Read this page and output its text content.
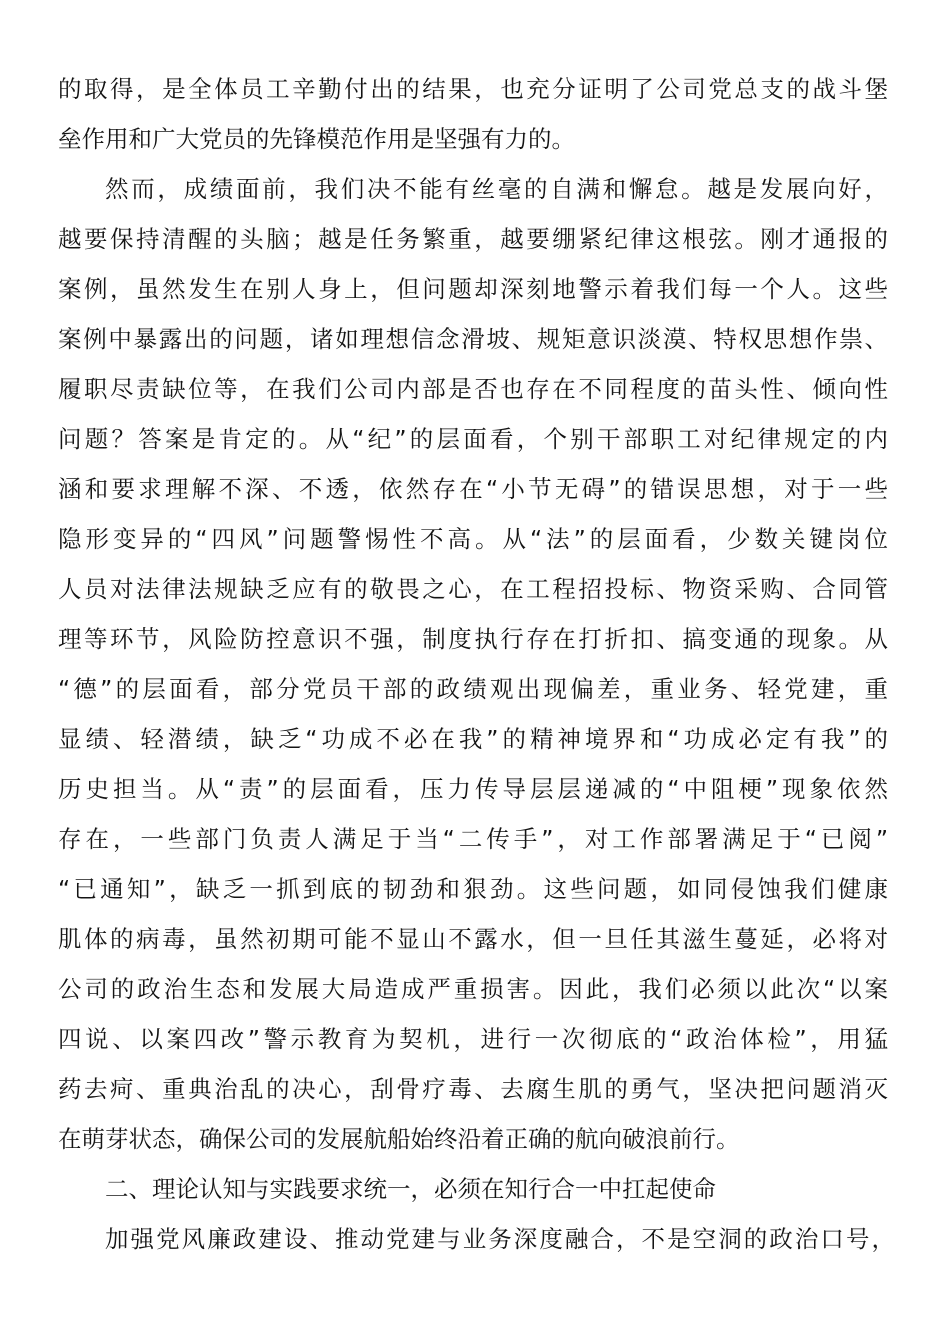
的取得，是全体员工辛勤付出的结果，也充分证明了公司党总支的战斗堡
垒作用和广大党员的先锋模范作用是坚强有力的。
然而，成绩面前，我们决不能有丝毫的自满和懈怠。越是发展向好，
越要保持清醒的头脑；越是任务繁重，越要绷紧纪律这根弦。刚才通报的
案例，虽然发生在别人身上，但问题却深刻地警示着我们每一个人。这些
案例中暴露出的问题，诸如理想信念滑坡、规矩意识淡漠、特权思想作祟、
履职尽责缺位等，在我们公司内部是否也存在不同程度的苗头性、倾向性
问题？答案是肯定的。从“纪”的层面看，个别干部职工对纪律规定的内
涵和要求理解不深、不透，依然存在“小节无碍”的错误思想，对于一些
隐形变异的“四风”问题警惕性不高。从“法”的层面看，少数关键岗位
人员对法律法规缺乏应有的敬畏之心，在工程招投标、物资采购、合同管
理等环节，风险防控意识不强，制度执行存在打折扣、搞变通的现象。从
“德”的层面看，部分党员干部的政绩观出现偏差，重业务、轻党建，重
显绩、轻潜绩，缺乏“功成不必在我”的精神境界和“功成必定有我”的
历史担当。从“责”的层面看，压力传导层层递减的“中阻梗”现象依然
存在，一些部门负责人满足于当“二传手”，对工作部署满足于“已阅”
“已通知”，缺乏一抓到底的韧劲和狠劲。这些问题，如同侵蚀我们健康
肌体的病毒，虽然初期可能不显山不露水，但一旦任其滋生蔓延，必将对
公司的政治生态和发展大局造成严重损害。因此，我们必须以此次“以案
四说、以案四改”警示教育为契机，进行一次彻底的“政治体检”，用猛
药去疴、重典治乱的决心，刮骨疗毒、去腐生肌的勇气，坚决把问题消灭
在萌芽状态，确保公司的发展航船始终沿着正确的航向破浪前行。
二、理论认知与实践要求统一，必须在知行合一中扛起使命
加强党风廉政建设、推动党建与业务深度融合，不是空洞的政治口号，
